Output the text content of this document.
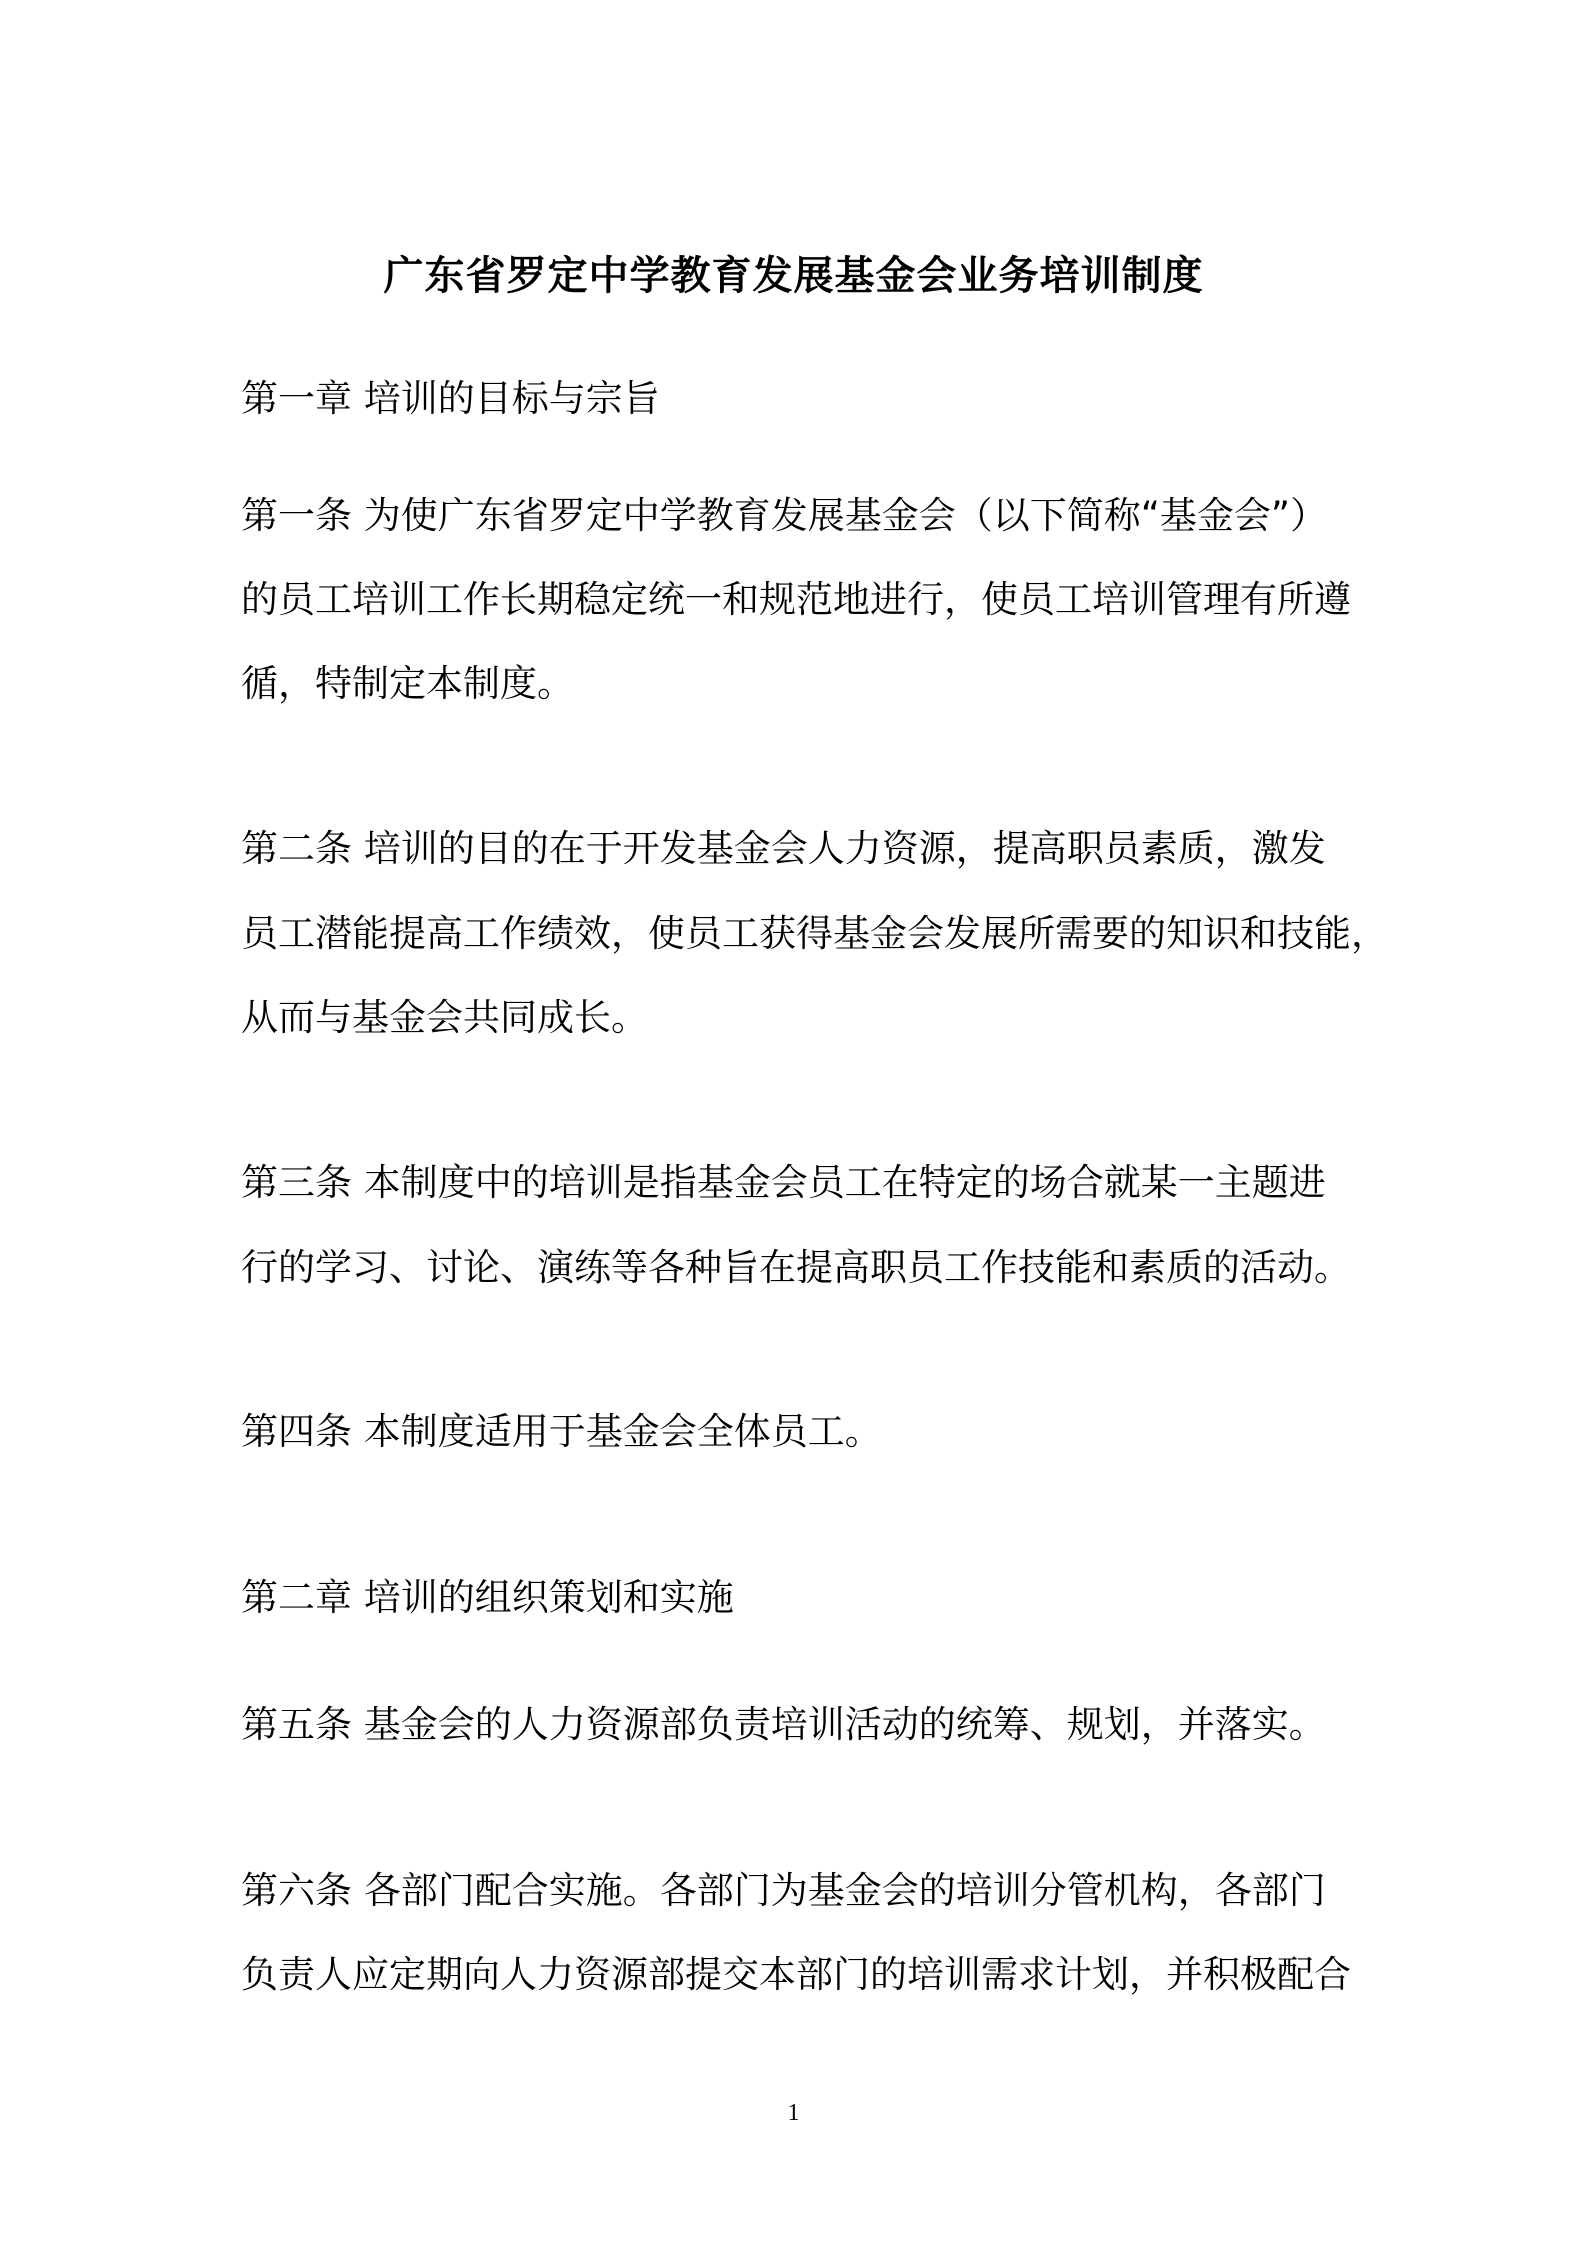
广东省罗定中学教育发展基金会业务培训制度

第一章 培训的目标与宗旨

第一条 为使广东省罗定中学教育发展基金会（以下简称“基金会”）

的员工培训工作长期稳定统一和规范地进行，使员工培训管理有所遵

循，特制定本制度。

第二条 培训的目的在于开发基金会人力资源，提高职员素质，激发

员工潜能提高工作绩效，使员工获得基金会发展所需要的知识和技能，

从而与基金会共同成长。

第三条 本制度中的培训是指基金会员工在特定的场合就某一主题进

行的学习、讨论、演练等各种旨在提高职员工作技能和素质的活动。

第四条 本制度适用于基金会全体员工。

第二章 培训的组织策划和实施

第五条 基金会的人力资源部负责培训活动的统筹、规划，并落实。

第六条 各部门配合实施。各部门为基金会的培训分管机构，各部门

负责人应定期向人力资源部提交本部门的培训需求计划，并积极配合

1
